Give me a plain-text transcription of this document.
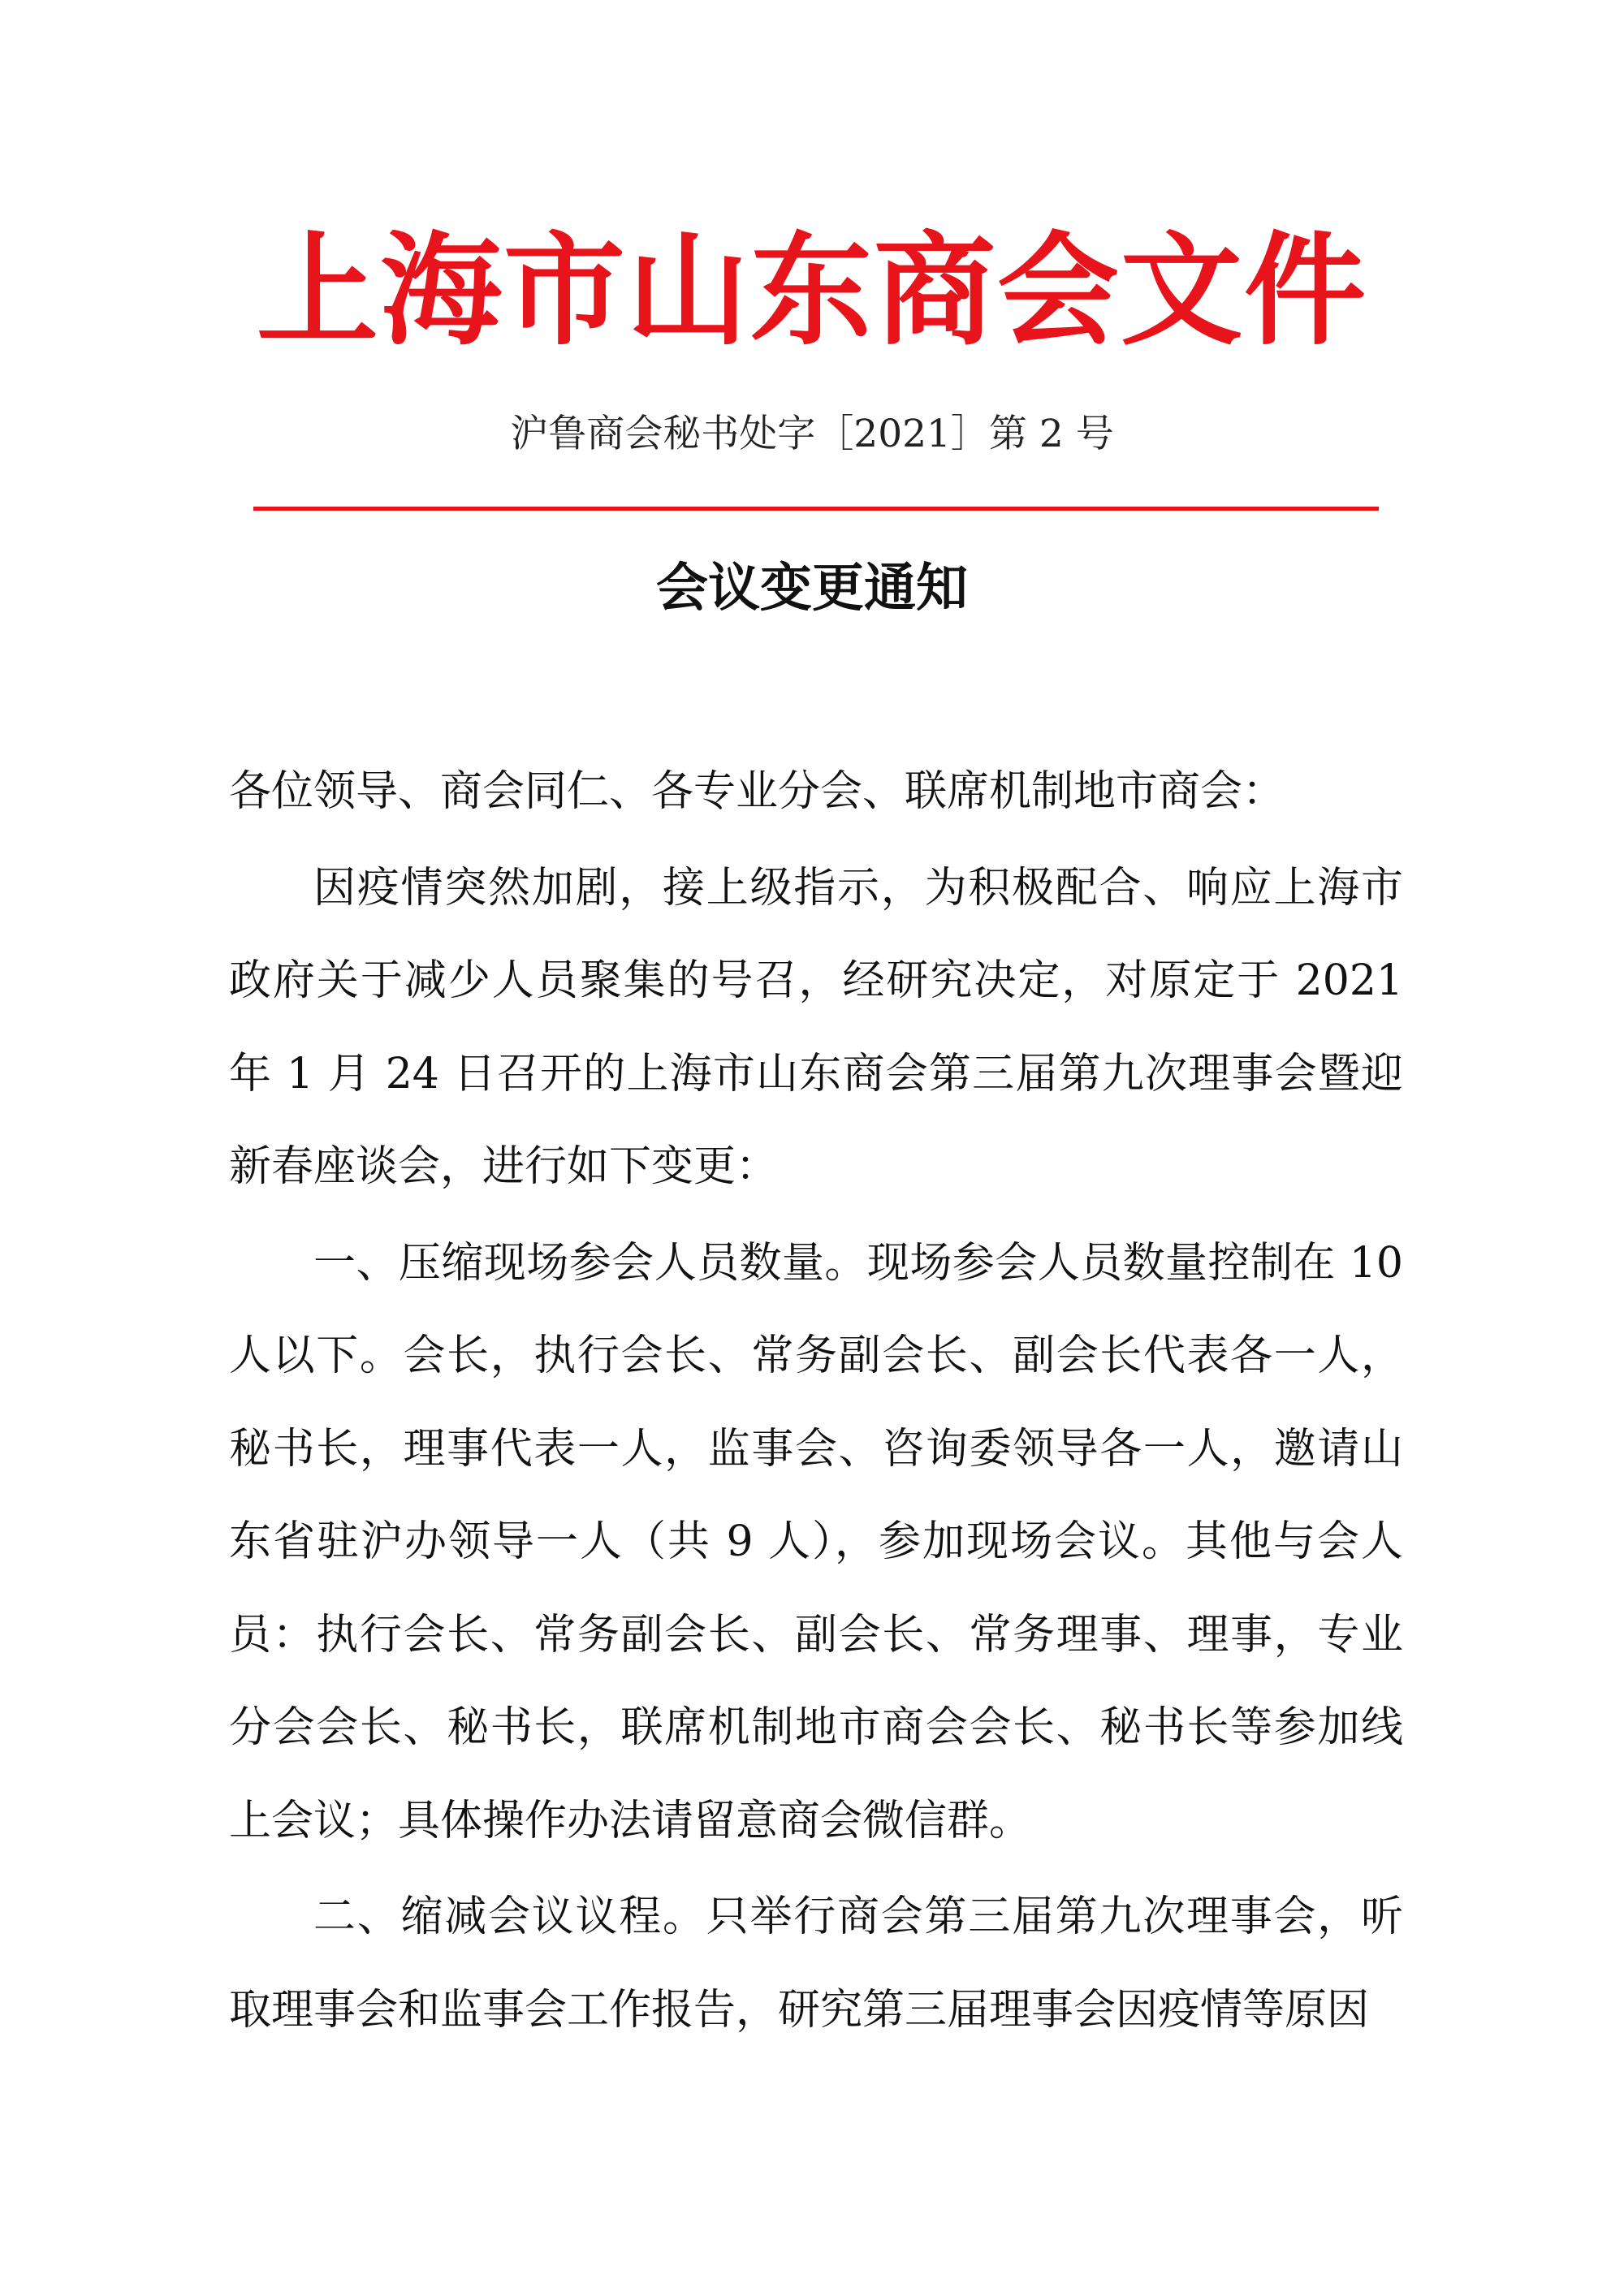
上海市山东商会文件
沪鲁商会秘书处字［2021］第 2 号
会议变更通知

各位领导、商会同仁、各专业分会、联席机制地市商会：

因疫情突然加剧，接上级指示，为积极配合、响应上海市政府关于减少人员聚集的号召，经研究决定，对原定于 2021 年 1 月 24 日召开的上海市山东商会第三届第九次理事会暨迎新春座谈会，进行如下变更：

一、压缩现场参会人员数量。现场参会人员数量控制在 10 人以下。会长，执行会长、常务副会长、副会长代表各一人，秘书长，理事代表一人，监事会、咨询委领导各一人，邀请山东省驻沪办领导一人（共 9 人），参加现场会议。其他与会人员：执行会长、常务副会长、副会长、常务理事、理事，专业分会会长、秘书长，联席机制地市商会会长、秘书长等参加线上会议；具体操作办法请留意商会微信群。

二、缩减会议议程。只举行商会第三届第九次理事会，听取理事会和监事会工作报告，研究第三届理事会因疫情等原因
